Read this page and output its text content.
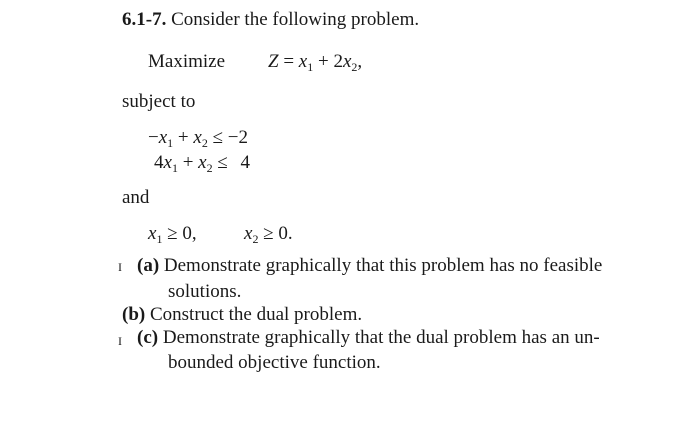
6.1-7. Consider the following problem.
Maximize $Z = x_1 + 2x_2$,
subject to
$-x_1 + x_2 \le -2$
$4x_1 + x_2 \le 4$
and
$x_1 \ge 0$, $x_2 \ge 0$.
I (a) Demonstrate graphically that this problem has no feasible
solutions.
(b) Construct the dual problem.
I (c) Demonstrate graphically that the dual problem has an un-
bounded objective function.
